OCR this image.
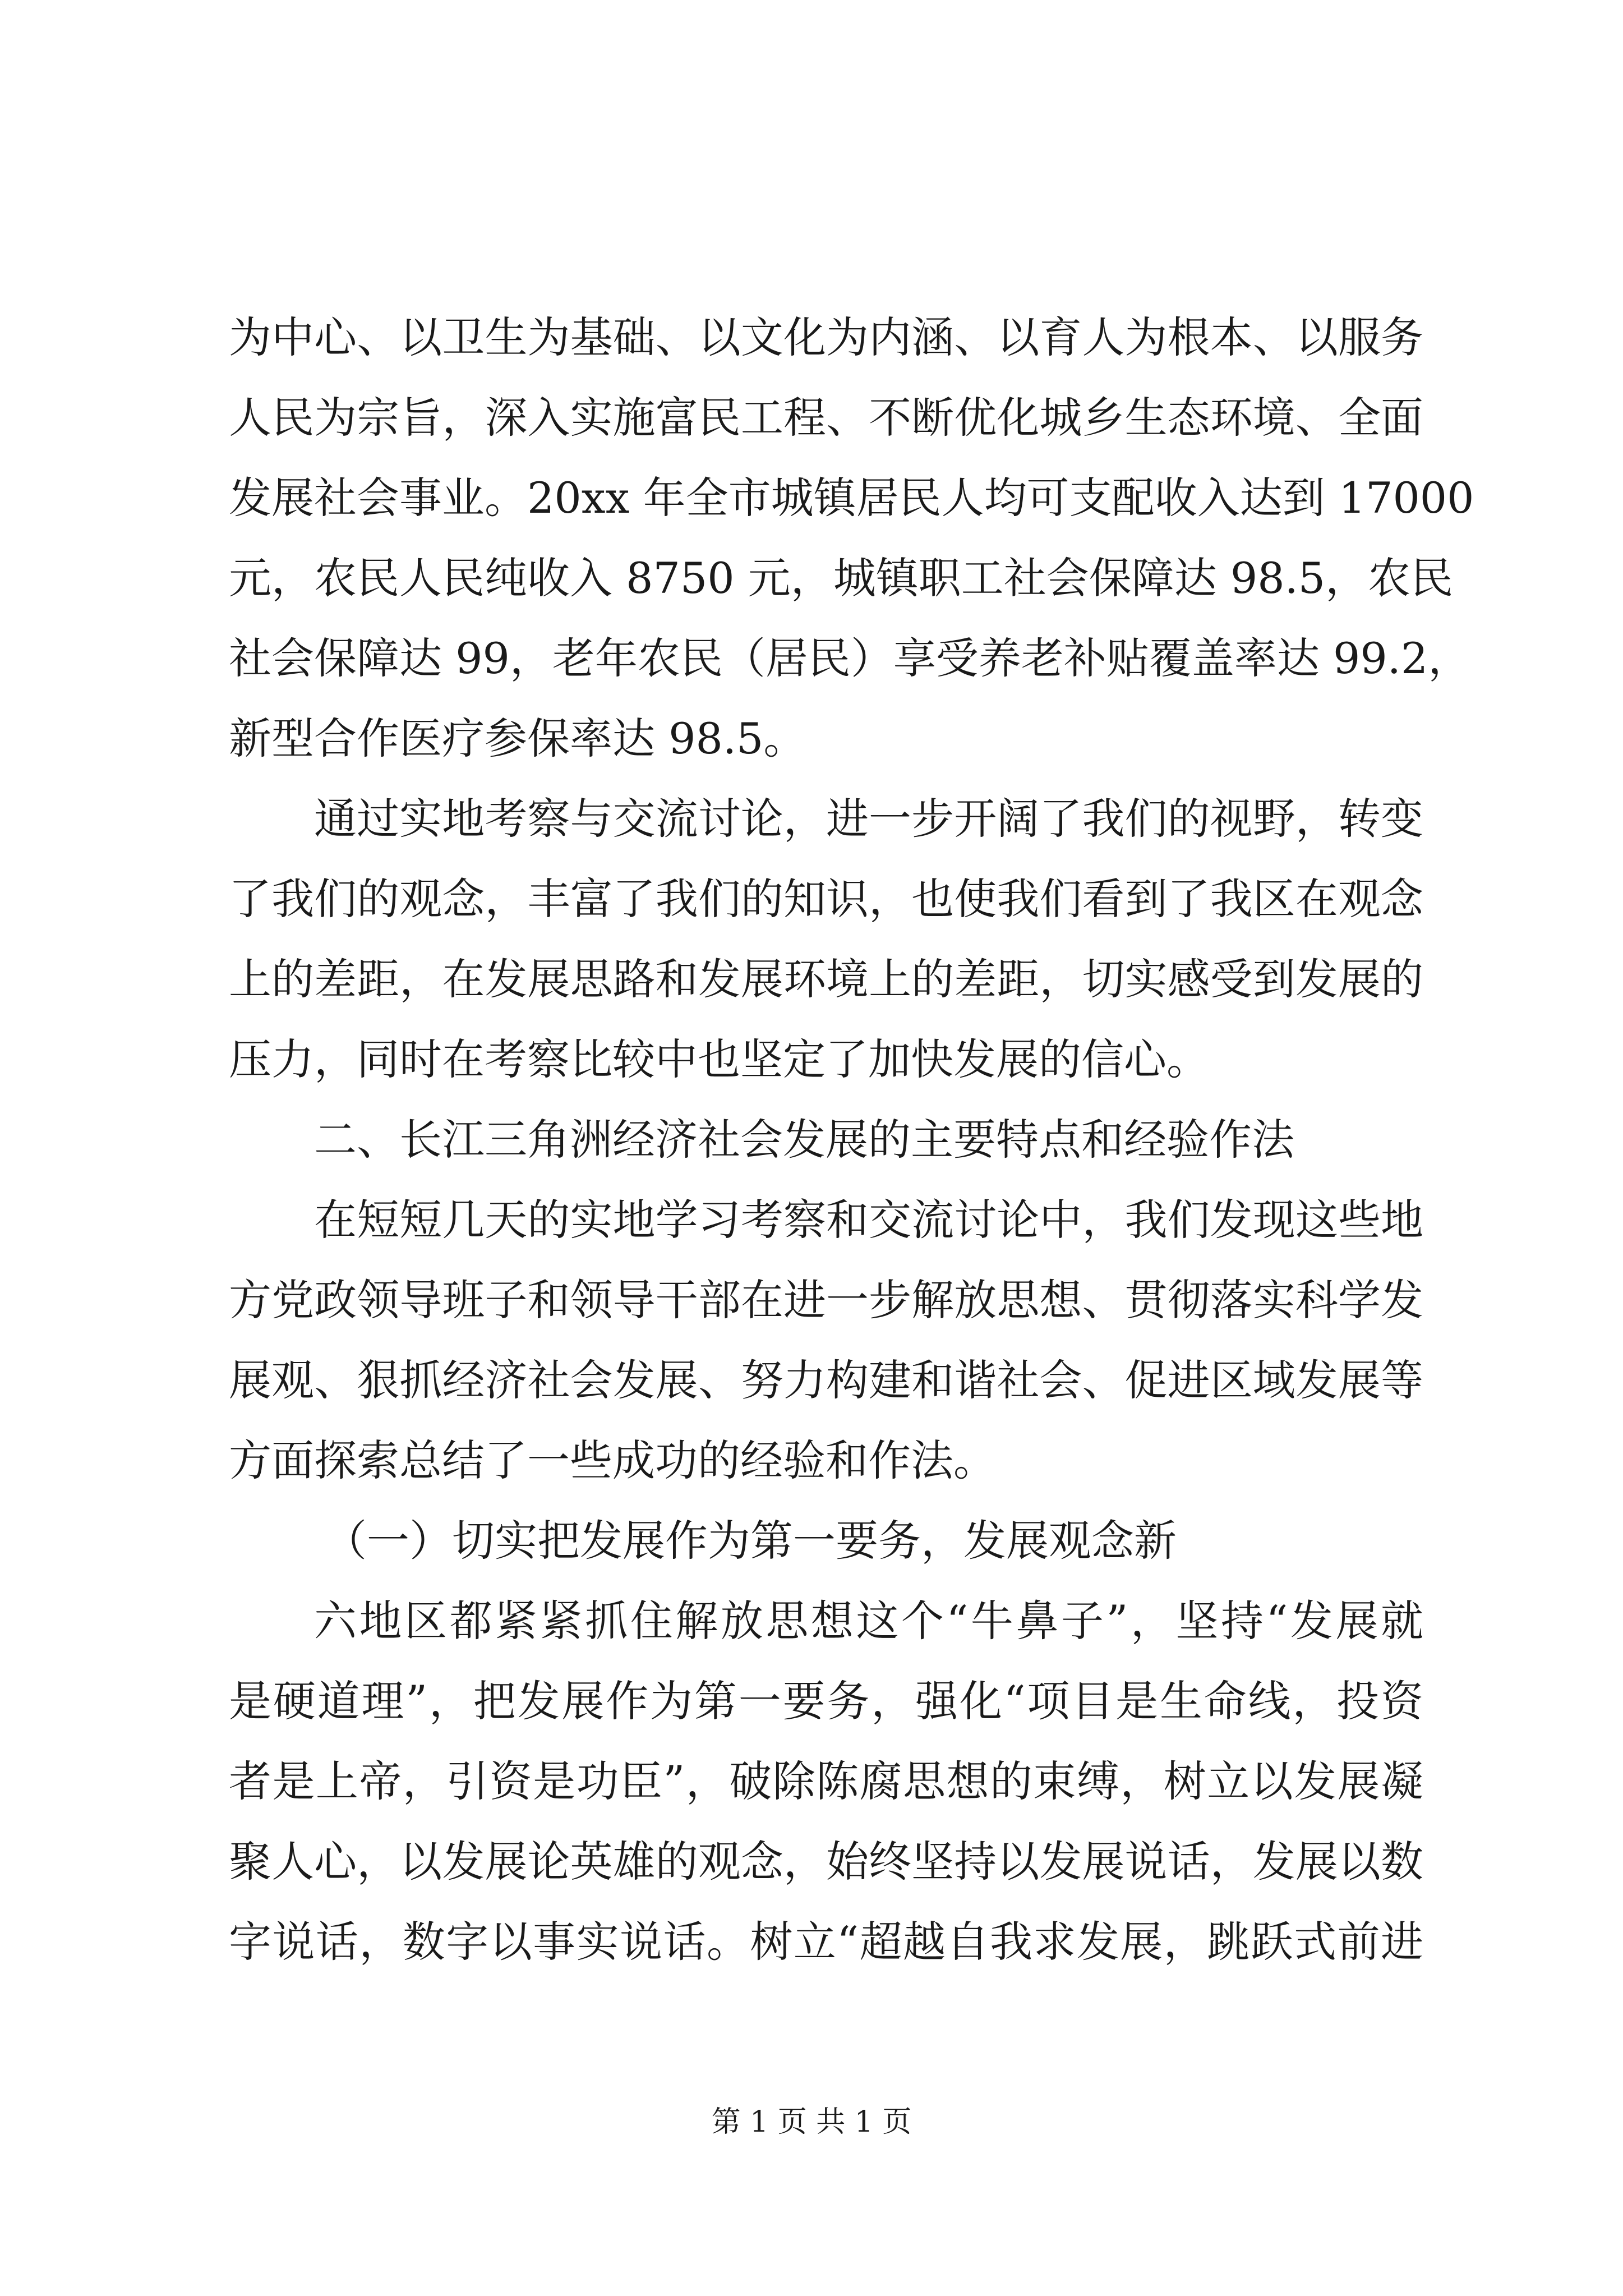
为中心、以卫生为基础、以文化为内涵、以育人为根本、以服务
人民为宗旨，深入实施富民工程、不断优化城乡生态环境、全面
发展社会事业。20xx 年全市城镇居民人均可支配收入达到 17000
元，农民人民纯收入 8750 元，城镇职工社会保障达 98.5，农民
社会保障达 99，老年农民（居民）享受养老补贴覆盖率达 99.2，
新型合作医疗参保率达 98.5。
通过实地考察与交流讨论，进一步开阔了我们的视野，转变
了我们的观念，丰富了我们的知识，也使我们看到了我区在观念
上的差距，在发展思路和发展环境上的差距，切实感受到发展的
压力，同时在考察比较中也坚定了加快发展的信心。
二、长江三角洲经济社会发展的主要特点和经验作法
在短短几天的实地学习考察和交流讨论中，我们发现这些地
方党政领导班子和领导干部在进一步解放思想、贯彻落实科学发
展观、狠抓经济社会发展、努力构建和谐社会、促进区域发展等
方面探索总结了一些成功的经验和作法。
（一）切实把发展作为第一要务，发展观念新
六地区都紧紧抓住解放思想这个“牛鼻子”，坚持“发展就
是硬道理”，把发展作为第一要务，强化“项目是生命线，投资
者是上帝，引资是功臣”，破除陈腐思想的束缚，树立以发展凝
聚人心，以发展论英雄的观念，始终坚持以发展说话，发展以数
字说话，数字以事实说话。树立“超越自我求发展，跳跃式前进
第 1 页 共 1 页
